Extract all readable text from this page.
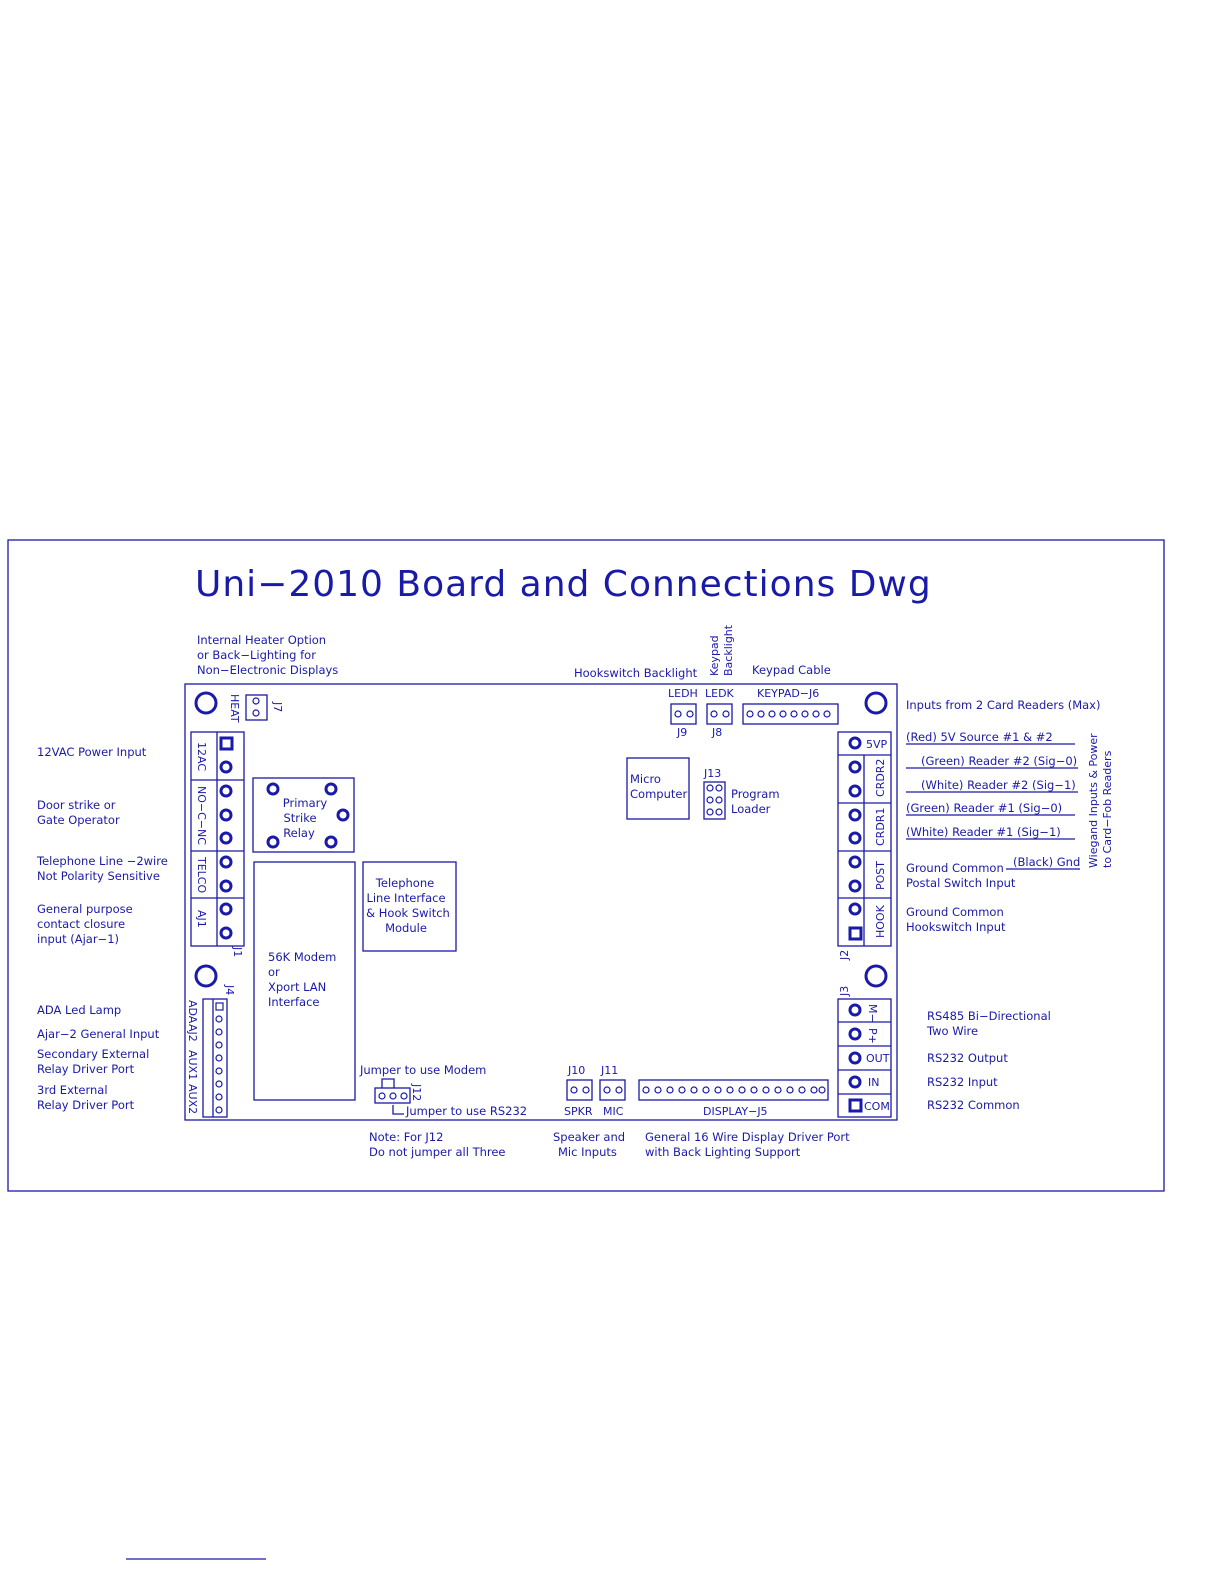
Uni−2010 Board and Connections Dwg
Internal Heater Option
or Back−Lighting for
Non−Electronic Displays	Hookswitch Backlight Keypad Backlight Keypad Cable
HEAT	J7
LEDH
J9
LEDK
J8
KEYPAD−J6
12AC
NO−C−NC
TELCO
AJ1
J1
ADA
AJ2
AUX1
AUX2
J4
Primary
Strike
Relay
56K Modem
or
Xport LAN
Interface
Telephone
Line Interface
& Hook Switch
Module
Micro
Computer
J13
Program
Loader
5VP
CRDR2
CRDR1
POST
HOOK
J2
M−
P+
OUT
IN
COM
J3
Jumper to use Modem
J12
Jumper to use RS232
J10
SPKR
J11
MIC	DISPLAY−J5
12VAC Power Input
Door strike or
Gate Operator
Telephone Line −2wire
Not Polarity Sensitive
General purpose
contact closure
input (Ajar−1)
ADA Led Lamp
Ajar−2 General Input
Secondary External
Relay Driver Port
3rd External
Relay Driver Port
Inputs from 2 Card Readers (Max)
(Red) 5V Source #1 & #2
(Green) Reader #2 (Sig−0)
(White) Reader #2 (Sig−1)
(Green) Reader #1 (Sig−0)
(White) Reader #1 (Sig−1)
(Black) Gnd
Ground Common
Postal Switch Input
Ground Common
Hookswitch Input
Wiegand Inputs & Power to Card−Fob Readers
RS485 Bi−Directional
Two Wire
RS232 Output
RS232 Input
RS232 Common
Note: For J12
Do not jumper all Three
Speaker and
Mic Inputs
General 16 Wire Display Driver Port
with Back Lighting Support
